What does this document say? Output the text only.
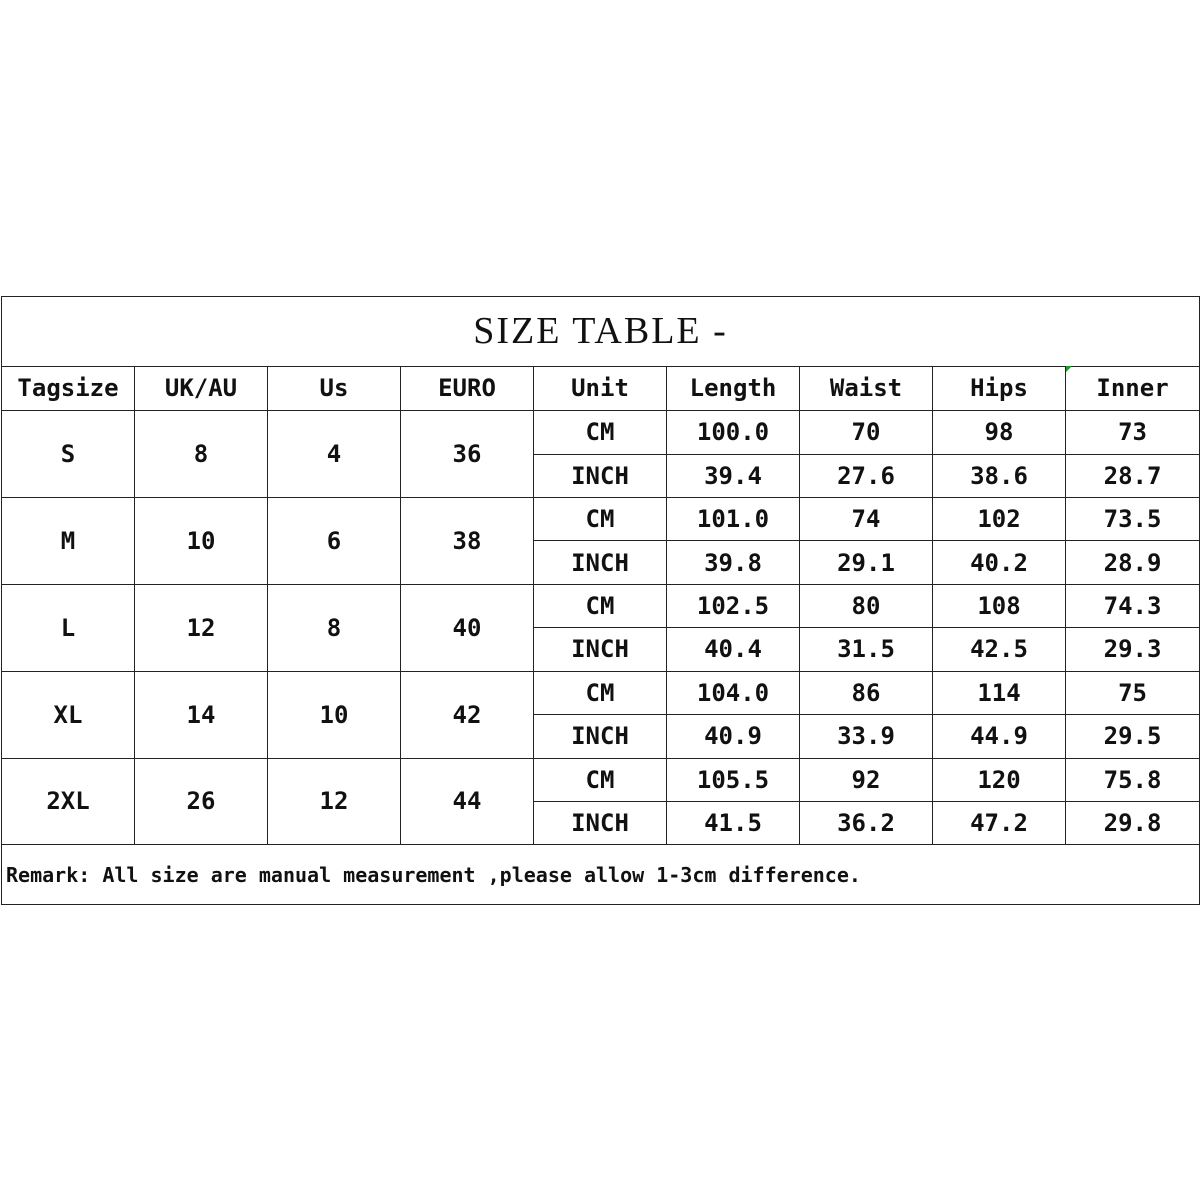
SIZE TABLE -								
Tagsize	UK/AU	Us	EURO	Unit	Length	Waist	Hips	Inner
S	8	4	36	CM	100.0	70	98	73
				INCH	39.4	27.6	38.6	28.7
M	10	6	38	CM	101.0	74	102	73.5
				INCH	39.8	29.1	40.2	28.9
L	12	8	40	CM	102.5	80	108	74.3
				INCH	40.4	31.5	42.5	29.3
XL	14	10	42	CM	104.0	86	114	75
				INCH	40.9	33.9	44.9	29.5
2XL	26	12	44	CM	105.5	92	120	75.8
				INCH	41.5	36.2	47.2	29.8
Remark: All size are manual measurement ,please allow 1-3cm difference.								
